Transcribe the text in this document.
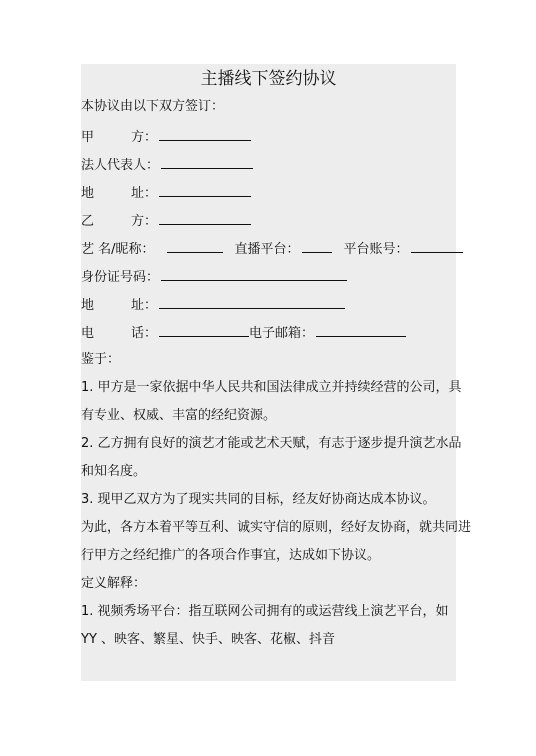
主播线下签约协议
本协议由以下双方签订：
甲	方：
法人代表人：
地	址：
乙	方：
艺 名/昵称：	直播平台：	平台账号：
身份证号码：
地	址：
电	话：	电子邮箱：
鉴于：
1. 甲方是一家依据中华人民共和国法律成立并持续经营的公司，具
有专业、权威、丰富的经纪资源。
2. 乙方拥有良好的演艺才能或艺术天赋，有志于逐步提升演艺水品
和知名度。
3. 现甲乙双方为了现实共同的目标，经友好协商达成本协议。
为此，各方本着平等互利、诚实守信的原则，经好友协商，就共同进
行甲方之经纪推广的各项合作事宜，达成如下协议。
定义解释：
1. 视频秀场平台：指互联网公司拥有的或运营线上演艺平台，如
YY 、映客、繁星、快手、映客、花椒、抖音
